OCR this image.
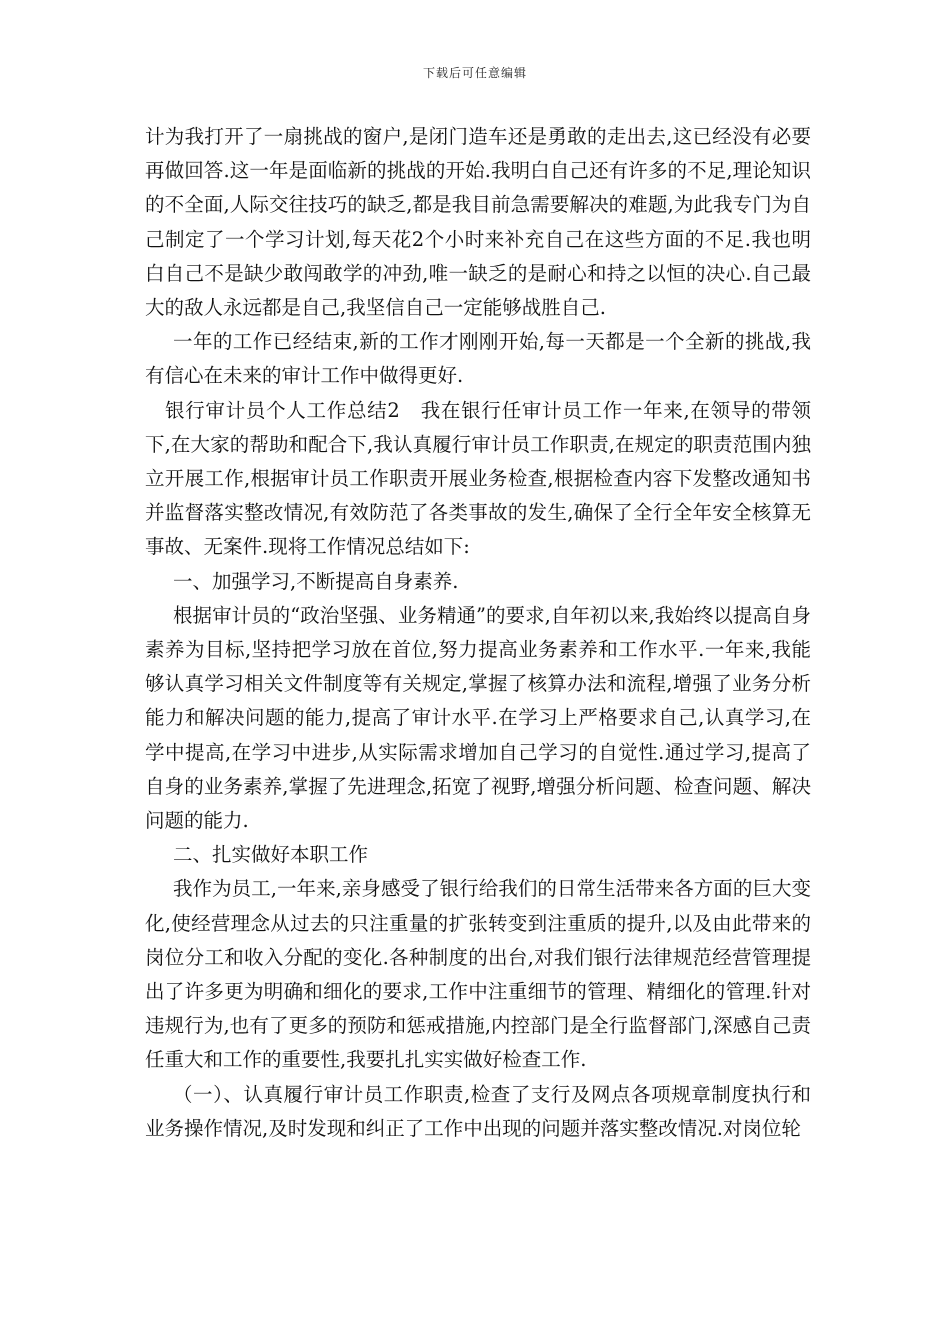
下载后可任意编辑

计为我打开了一扇挑战的窗户,是闭门造车还是勇敢的走出去,这已经没有必要再做回答.这一年是面临新的挑战的开始.我明白自己还有许多的不足,理论知识的不全面,人际交往技巧的缺乏,都是我目前急需要解决的难题,为此我专门为自己制定了一个学习计划,每天花2个小时来补充自己在这些方面的不足.我也明白自己不是缺少敢闯敢学的冲劲,唯一缺乏的是耐心和持之以恒的决心.自己最大的敌人永远都是自己,我坚信自己一定能够战胜自己.

一年的工作已经结束,新的工作才刚刚开始,每一天都是一个全新的挑战,我有信心在未来的审计工作中做得更好.

银行审计员个人工作总结2　我在银行任审计员工作一年来,在领导的带领下,在大家的帮助和配合下,我认真履行审计员工作职责,在规定的职责范围内独立开展工作,根据审计员工作职责开展业务检查,根据检查内容下发整改通知书并监督落实整改情况,有效防范了各类事故的发生,确保了全行全年安全核算无事故、无案件.现将工作情况总结如下:

一、加强学习,不断提高自身素养.

根据审计员的“政治坚强、业务精通”的要求,自年初以来,我始终以提高自身素养为目标,坚持把学习放在首位,努力提高业务素养和工作水平.一年来,我能够认真学习相关文件制度等有关规定,掌握了核算办法和流程,增强了业务分析能力和解决问题的能力,提高了审计水平.在学习上严格要求自己,认真学习,在学中提高,在学习中进步,从实际需求增加自己学习的自觉性.通过学习,提高了自身的业务素养,掌握了先进理念,拓宽了视野,增强分析问题、检查问题、解决问题的能力.

二、扎实做好本职工作

我作为员工,一年来,亲身感受了银行给我们的日常生活带来各方面的巨大变化,使经营理念从过去的只注重量的扩张转变到注重质的提升,以及由此带来的岗位分工和收入分配的变化.各种制度的出台,对我们银行法律规范经营管理提出了许多更为明确和细化的要求,工作中注重细节的管理、精细化的管理.针对违规行为,也有了更多的预防和惩戒措施,内控部门是全行监督部门,深感自己责任重大和工作的重要性,我要扎扎实实做好检查工作.

（一）、认真履行审计员工作职责,检查了支行及网点各项规章制度执行和业务操作情况,及时发现和纠正了工作中出现的问题并落实整改情况.对岗位轮
